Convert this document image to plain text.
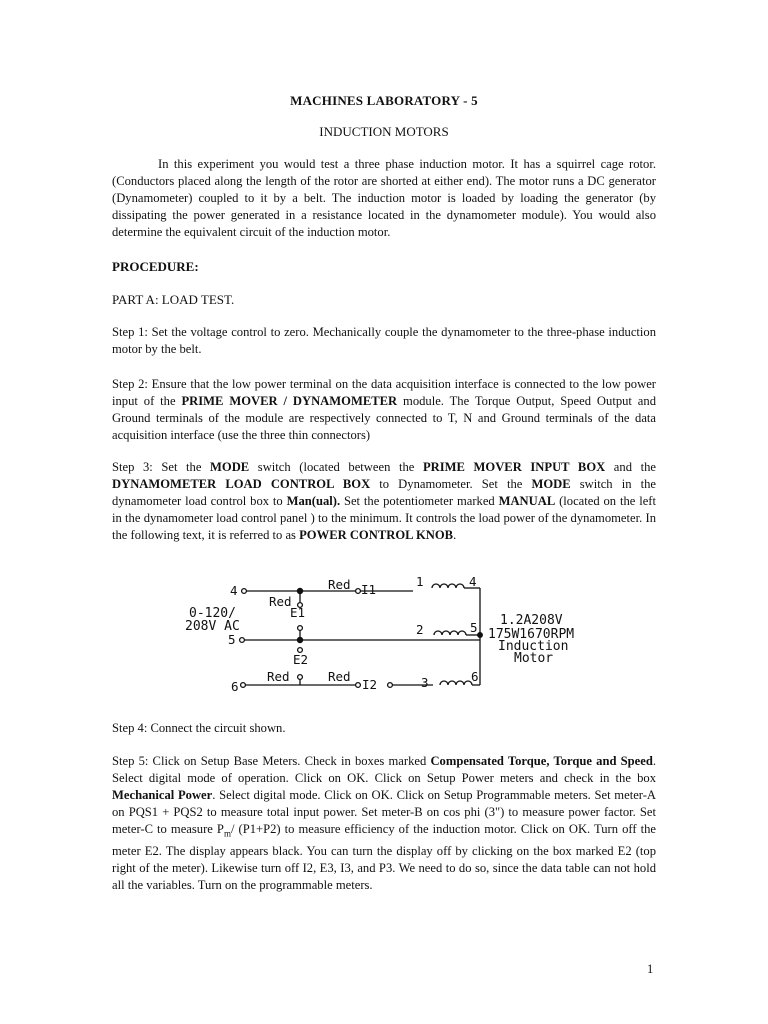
MACHINES LABORATORY - 5
INDUCTION MOTORS

In this experiment you would test a three phase induction motor. It has a squirrel cage rotor. (Conductors placed along the length of the rotor are shorted at either end). The motor runs a DC generator (Dynamometer) coupled to it by a belt. The induction motor is loaded by loading the generator (by dissipating the power generated in a resistance located in the dynamometer module). You would also determine the equivalent circuit of the induction motor.

PROCEDURE:
PART A: LOAD TEST.

Step 1: Set the voltage control to zero. Mechanically couple the dynamometer to the three-phase induction motor by the belt.

Step 2: Ensure that the low power terminal on the data acquisition interface is connected to the low power input of the PRIME MOVER / DYNAMOMETER module. The Torque Output, Speed Output and Ground terminals of the module are respectively connected to T, N and Ground terminals of the data acquisition interface (use the three thin connectors)

Step 3: Set the MODE switch (located between the PRIME MOVER INPUT BOX and the DYNAMOMETER LOAD CONTROL BOX to Dynamometer. Set the MODE switch in the dynamometer load control box to Man(ual). Set the potentiometer marked MANUAL (located on the left in the dynamometer load control panel ) to the minimum. It controls the load power of the dynamometer. In the following text, it is referred to as POWER CONTROL KNOB.

4
5
6
0-120/
208V AC
Red I1
Red
E1
E2
Red	Red
I2
1
2
3
4
5
6
1.2A208V
175W1670RPM
Induction
Motor

Step 4: Connect the circuit shown.

Step 5: Click on Setup Base Meters. Check in boxes marked Compensated Torque, Torque and Speed. Select digital mode of operation. Click on OK. Click on Setup Power meters and check in the box Mechanical Power. Select digital mode. Click on OK. Click on Setup Programmable meters. Set meter-A on PQS1 + PQS2 to measure total input power. Set meter-B on cos phi (3") to measure power factor. Set meter-C to measure $P_m/$ (P1+P2) to measure efficiency of the induction motor. Click on OK. Turn off the meter E2. The display appears black. You can turn the display off by clicking on the box marked E2 (top right of the meter). Likewise turn off I2, E3, I3, and P3. We need to do so, since the data table can not hold all the variables. Turn on the programmable meters.

1
